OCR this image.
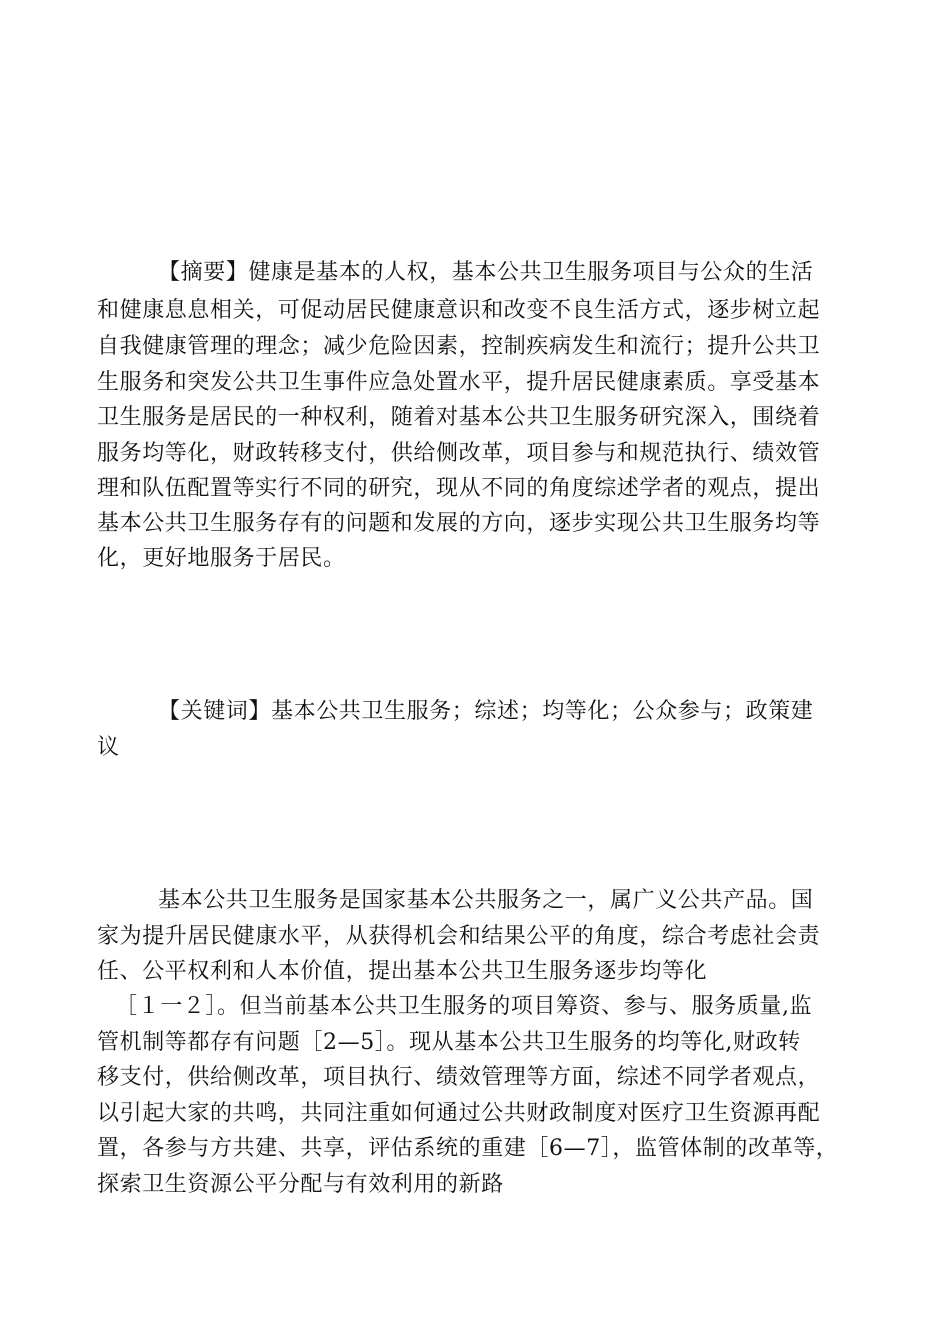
【摘要】健康是基本的人权，基本公共卫生服务项目与公众的生活
和健康息息相关，可促动居民健康意识和改变不良生活方式，逐步树立起
自我健康管理的理念；减少危险因素，控制疾病发生和流行；提升公共卫
生服务和突发公共卫生事件应急处置水平，提升居民健康素质。享受基本
卫生服务是居民的一种权利，随着对基本公共卫生服务研究深入，围绕着
服务均等化，财政转移支付，供给侧改革，项目参与和规范执行、绩效管
理和队伍配置等实行不同的研究，现从不同的角度综述学者的观点，提出
基本公共卫生服务存有的问题和发展的方向，逐步实现公共卫生服务均等
化，更好地服务于居民。
【关键词】基本公共卫生服务；综述；均等化；公众参与；政策建
议
基本公共卫生服务是国家基本公共服务之一，属广义公共产品。国
家为提升居民健康水平，从获得机会和结果公平的角度，综合考虑社会责
任、公平权利和人本价值，提出基本公共卫生服务逐步均等化
［１一２］。但当前基本公共卫生服务的项目筹资、参与、服务质量,监
管机制等都存有问题［2—5］。现从基本公共卫生服务的均等化,财政转
移支付，供给侧改革，项目执行、绩效管理等方面，综述不同学者观点，
以引起大家的共鸣，共同注重如何通过公共财政制度对医疗卫生资源再配
置，各参与方共建、共享，评估系统的重建［6—7］，监管体制的改革等，
探索卫生资源公平分配与有效利用的新路
